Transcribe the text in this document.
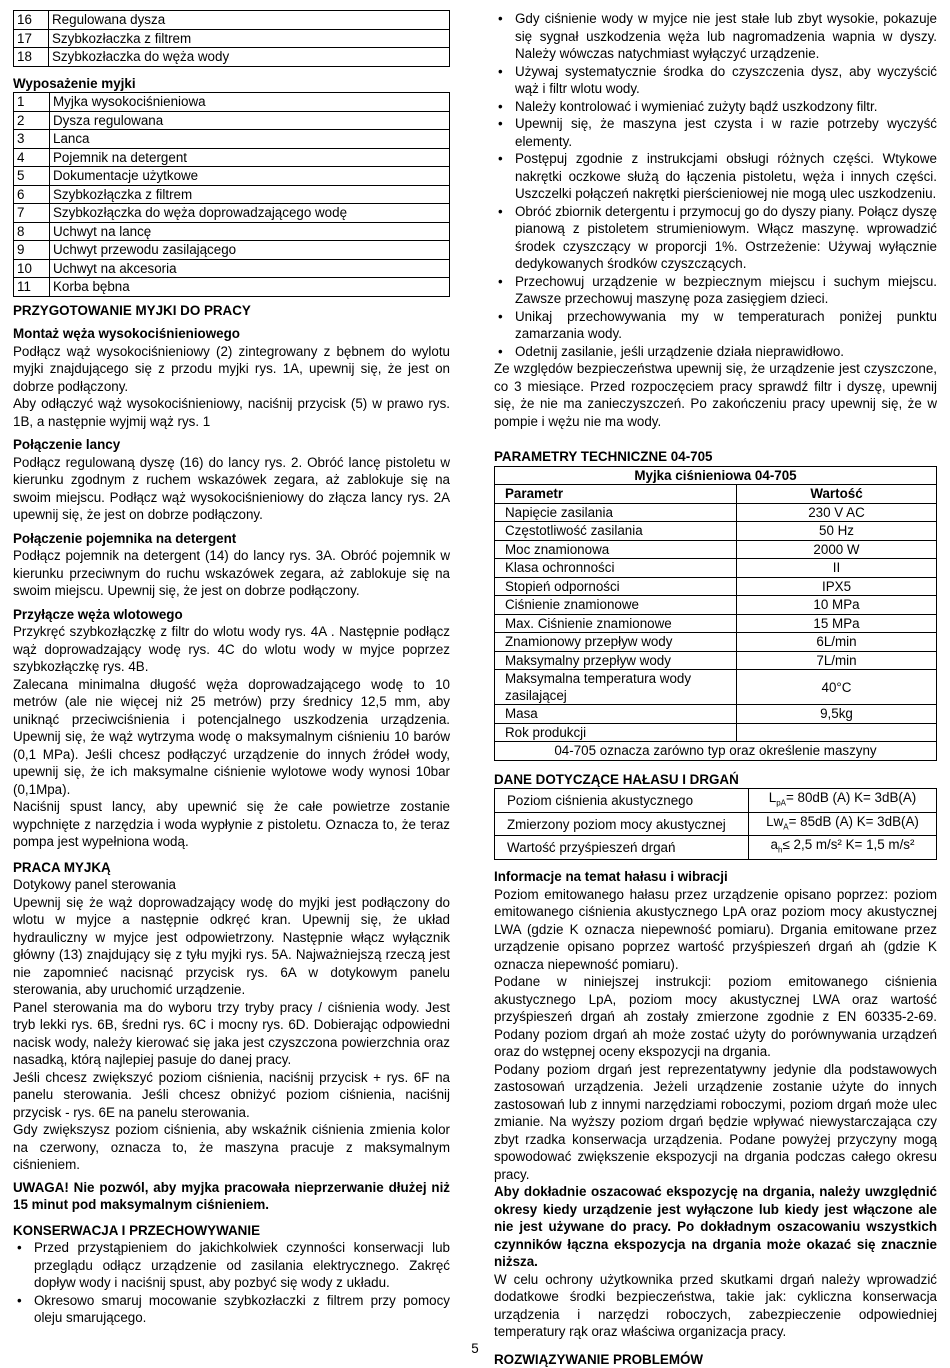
16	Regulowana dysza
17	Szybkozłaczka z filtrem
18	Szybkozłaczka do węża wody
Wyposażenie myjki
1	Myjka wysokociśnieniowa
2	Dysza regulowana
3	Lanca
4	Pojemnik na detergent
5	Dokumentacje użytkowe
6	Szybkozłączka z filtrem
7	Szybkozłączka do węża doprowadzającego wodę
8	Uchwyt na lancę
9	Uchwyt przewodu zasilającego
10	Uchwyt na akcesoria
11	Korba bębna
PRZYGOTOWANIE MYJKI DO PRACY
Montaż węża wysokociśnieniowego

Podłącz wąż wysokociśnieniowy (2) zintegrowany z bębnem do wylotu myjki znajdującego się z przodu myjki rys. 1A, upewnij się, że jest on dobrze podłączony.

Aby odłączyć wąż wysokociśnieniowy, naciśnij przycisk (5) w prawo rys. 1B, a następnie wyjmij wąż rys. 1

Połączenie lancy

Podłącz regulowaną dyszę (16) do lancy rys. 2. Obróć lancę pistoletu w kierunku zgodnym z ruchem wskazówek zegara, aż zablokuje się na swoim miejscu. Podłącz wąż wysokociśnieniowy do złącza lancy rys. 2A upewnij się, że jest on dobrze podłączony.

Połączenie pojemnika na detergent

Podłącz pojemnik na detergent (14) do lancy rys. 3A. Obróć pojemnik w kierunku przeciwnym do ruchu wskazówek zegara, aż zablokuje się na swoim miejscu. Upewnij się, że jest on dobrze podłączony.

Przyłącze węża wlotowego

Przykręć szybkozłączkę z filtr do wlotu wody rys. 4A . Następnie podłącz wąż doprowadzający wodę rys. 4C do wlotu wody w myjce poprzez szybkozłączkę rys. 4B.

Zalecana minimalna długość węża doprowadzającego wodę to 10 metrów (ale nie więcej niż 25 metrów) przy średnicy 12,5 mm, aby uniknąć przeciwciśnienia i potencjalnego uszkodzenia urządzenia. Upewnij się, że wąż wytrzyma wodę o maksymalnym ciśnieniu 10 barów (0,1 MPa). Jeśli chcesz podłączyć urządzenie do innych źródeł wody, upewnij się, że ich maksymalne ciśnienie wylotowe wody wynosi 10bar (0,1Mpa).

Naciśnij spust lancy, aby upewnić się że całe powietrze zostanie wypchnięte z narzędzia i woda wypłynie z pistoletu. Oznacza to, że teraz pompa jest wypełniona wodą.

PRACA MYJKĄ
Dotykowy panel sterowania

Upewnij się że wąż doprowadzający wodę do myjki jest podłączony do wlotu w myjce a następnie odkręć kran. Upewnij się, że układ hydrauliczny w myjce jest odpowietrzony. Następnie włącz wyłącznik główny (13) znajdujący się z tyłu myjki rys. 5A. Najważniejszą rzeczą jest nie zapomnieć nacisnąć przycisk rys. 6A w dotykowym panelu sterowania, aby uruchomić urządzenie.

Panel sterowania ma do wyboru trzy tryby pracy / ciśnienia wody. Jest tryb lekki rys. 6B, średni rys. 6C i mocny rys. 6D. Dobierając odpowiedni nacisk wody, należy kierować się jaka jest czyszczona powierzchnia oraz nasadką, którą najlepiej pasuje do danej pracy.

Jeśli chcesz zwiększyć poziom ciśnienia, naciśnij przycisk + rys. 6F na panelu sterowania. Jeśli chcesz obniżyć poziom ciśnienia, naciśnij przycisk - rys. 6E na panelu sterowania.

Gdy zwiększysz poziom ciśnienia, aby wskaźnik ciśnienia zmienia kolor na czerwony, oznacza to, że maszyna pracuje z maksymalnym ciśnieniem.

UWAGA! Nie pozwól, aby myjka pracowała nieprzerwanie dłużej niż 15 minut pod maksymalnym ciśnieniem.

KONSERWACJA I PRZECHOWYWANIE
• Przed przystąpieniem do jakichkolwiek czynności konserwacji lub przeglądu odłącz urządzenie od zasilania elektrycznego. Zakręć dopływ wody i naciśnij spust, aby pozbyć się wody z układu.
• Okresowo smaruj mocowanie szybkozłaczki z filtrem przy pomocy oleju smarującego.
• Gdy ciśnienie wody w myjce nie jest stałe lub zbyt wysokie, pokazuje się sygnał uszkodzenia węża lub nagromadzenia wapnia w dyszy. Należy wówczas natychmiast wyłączyć urządzenie.
• Używaj systematycznie środka do czyszczenia dysz, aby wyczyścić wąż i filtr wlotu wody.
• Należy kontrolować i wymieniać zużyty bądź uszkodzony filtr.
• Upewnij się, że maszyna jest czysta i w razie potrzeby wyczyść elementy.
• Postępuj zgodnie z instrukcjami obsługi różnych części. Wtykowe nakrętki oczkowe służą do łączenia pistoletu, węża i innych części. Uszczelki połączeń nakrętki pierścieniowej nie mogą ulec uszkodzeniu.
• Obróć zbiornik detergentu i przymocuj go do dyszy piany. Połącz dyszę pianową z pistoletem strumieniowym. Włącz maszynę. wprowadzić środek czyszczący w proporcji 1%. Ostrzeżenie: Używaj wyłącznie dedykowanych środków czyszczących.
• Przechowuj urządzenie w bezpiecznym miejscu i suchym miejscu. Zawsze przechowuj maszynę poza zasięgiem dzieci.
• Unikaj przechowywania my w temperaturach poniżej punktu zamarzania wody.
• Odetnij zasilanie, jeśli urządzenie działa nieprawidłowo.

Ze względów bezpieczeństwa upewnij się, że urządzenie jest czyszczone, co 3 miesiące. Przed rozpoczęciem pracy sprawdź filtr i dyszę, upewnij się, że nie ma zanieczyszczeń. Po zakończeniu pracy upewnij się, że w pompie i wężu nie ma wody.

PARAMETRY TECHNICZNE 04-705
Myjka ciśnieniowa 04-705	
Parametr	Wartość
Napięcie zasilania	230 V AC
Częstotliwość zasilania	50 Hz
Moc znamionowa	2000 W
Klasa ochronności	II
Stopień odporności	IPX5
Ciśnienie znamionowe	10 MPa
Max. Ciśnienie znamionowe	15 MPa
Znamionowy przepływ wody	6L/min
Maksymalny przepływ wody	7L/min
Maksymalna temperatura wody zasilającej	40°C
Masa	9,5kg
Rok produkcji	
04-705 oznacza zarówno typ oraz określenie maszyny	
DANE DOTYCZĄCE HAŁASU I DRGAŃ
Poziom ciśnienia akustycznego	$L_{pA}= 80dB$ (A) K= 3dB(A)
Zmierzony poziom mocy akustycznej	$Lw_A= 85dB$ (A) K= 3dB(A)
Wartość przyśpieszeń drgań	$a_h\le 2,5$ m/s² K= 1,5 m/s²
Informacje na temat hałasu i wibracji

Poziom emitowanego hałasu przez urządzenie opisano poprzez: poziom emitowanego ciśnienia akustycznego LpA oraz poziom mocy akustycznej LWA (gdzie K oznacza niepewność pomiaru). Drgania emitowane przez urządzenie opisano poprzez wartość przyśpieszeń drgań ah (gdzie K oznacza niepewność pomiaru).

Podane w niniejszej instrukcji: poziom emitowanego ciśnienia akustycznego LpA, poziom mocy akustycznej LWA oraz wartość przyśpieszeń drgań ah zostały zmierzone zgodnie z EN 60335-2-69. Podany poziom drgań ah może zostać użyty do porównywania urządzeń oraz do wstępnej oceny ekspozycji na drgania.

Podany poziom drgań jest reprezentatywny jedynie dla podstawowych zastosowań urządzenia. Jeżeli urządzenie zostanie użyte do innych zastosowań lub z innymi narzędziami roboczymi, poziom drgań może ulec zmianie. Na wyższy poziom drgań będzie wpływać niewystarczająca czy zbyt rzadka konserwacja urządzenia. Podane powyżej przyczyny mogą spowodować zwiększenie ekspozycji na drgania podczas całego okresu pracy.

Aby dokładnie oszacować ekspozycję na drgania, należy uwzględnić okresy kiedy urządzenie jest wyłączone lub kiedy jest włączone ale nie jest używane do pracy. Po dokładnym oszacowaniu wszystkich czynników łączna ekspozycja na drgania może okazać się znacznie niższa.

W celu ochrony użytkownika przed skutkami drgań należy wprowadzić dodatkowe środki bezpieczeństwa, takie jak: cykliczna konserwacja urządzenia i narzędzi roboczych, zabezpieczenie odpowiedniej temperatury rąk oraz właściwa organizacja pracy.

ROZWIĄZYWANIE PROBLEMÓW
5
